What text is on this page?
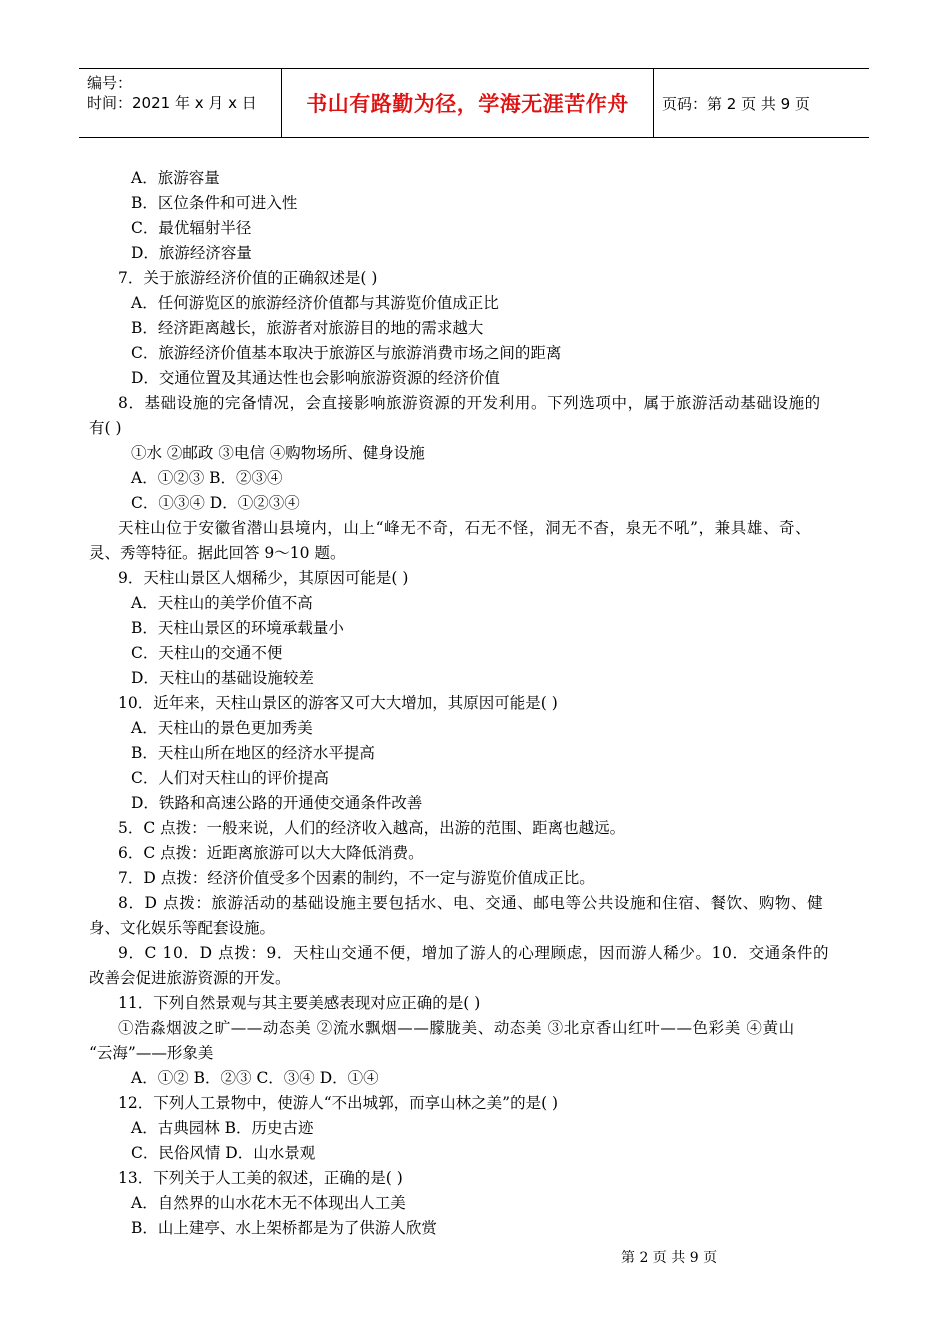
编号：
时间：2021 年 x 月 x 日	书山有路勤为径，学海无涯苦作舟 页码：第 2 页 共 9 页
A．旅游容量
B．区位条件和可进入性
C．最优辐射半径
D．旅游经济容量
7．关于旅游经济价值的正确叙述是( )
A．任何游览区的旅游经济价值都与其游览价值成正比
B．经济距离越长，旅游者对旅游目的地的需求越大
C．旅游经济价值基本取决于旅游区与旅游消费市场之间的距离
D．交通位置及其通达性也会影响旅游资源的经济价值
8．基础设施的完备情况，会直接影响旅游资源的开发利用。下列选项中，属于旅游活动基础设施的
有( )
①水 ②邮政 ③电信 ④购物场所、健身设施
A．①②③ B．②③④
C．①③④ D．①②③④
天柱山位于安徽省潜山县境内，山上“峰无不奇，石无不怪，洞无不杳，泉无不吼”，兼具雄、奇、
灵、秀等特征。据此回答 9～10 题。
9．天柱山景区人烟稀少，其原因可能是( )
A．天柱山的美学价值不高
B．天柱山景区的环境承载量小
C．天柱山的交通不便
D．天柱山的基础设施较差
10．近年来，天柱山景区的游客又可大大增加，其原因可能是( )
A．天柱山的景色更加秀美
B．天柱山所在地区的经济水平提高
C．人们对天柱山的评价提高
D．铁路和高速公路的开通使交通条件改善
5．C 点拨：一般来说，人们的经济收入越高，出游的范围、距离也越远。
6．C 点拨：近距离旅游可以大大降低消费。
7．D 点拨：经济价值受多个因素的制约，不一定与游览价值成正比。
8．D 点拨：旅游活动的基础设施主要包括水、电、交通、邮电等公共设施和住宿、餐饮、购物、健
身、文化娱乐等配套设施。
9．C 10．D 点拨：9．天柱山交通不便，增加了游人的心理顾虑，因而游人稀少。10．交通条件的
改善会促进旅游资源的开发。
11．下列自然景观与其主要美感表现对应正确的是( )
①浩淼烟波之旷——动态美 ②流水飘烟——朦胧美、动态美 ③北京香山红叶——色彩美 ④黄山
“云海”——形象美
A．①② B．②③ C．③④ D．①④
12．下列人工景物中，使游人“不出城郭，而享山林之美”的是( )
A．古典园林 B．历史古迹
C．民俗风情 D．山水景观
13．下列关于人工美的叙述，正确的是( )
A．自然界的山水花木无不体现出人工美
B．山上建亭、水上架桥都是为了供游人欣赏
第 2 页 共 9 页
